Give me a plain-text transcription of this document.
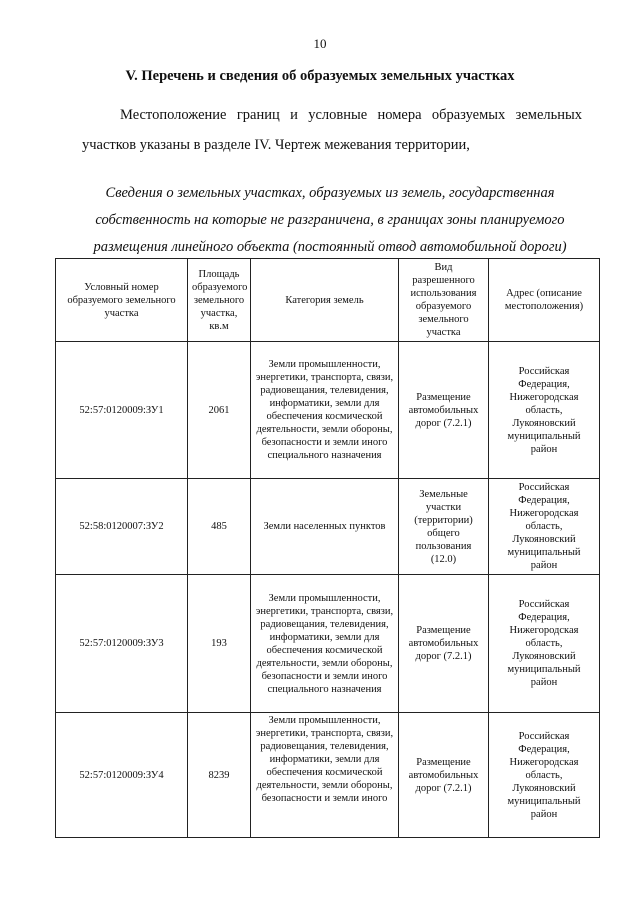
10
V. Перечень и сведения об образуемых земельных участках

Местоположение границ и условные номера образуемых земельных участков указаны в разделе IV. Чертеж межевания территории,

Сведения о земельных участках, образуемых из земель, государственная собственность на которые не разграничена, в границах зоны планируемого размещения линейного объекта (постоянный отвод автомобильной дороги)

Условный номер образуемого земельного участка	Площадь образуемого земельного участка, кв.м	Категория земель	Вид разрешенного использования образуемого земельного участка	Адрес (описание местоположения)
52:57:0120009:ЗУ1	2061	Земли промышленности, энергетики, транспорта, связи, радиовещания, телевидения, информатики, земли для обеспечения космической деятельности, земли обороны, безопасности и земли иного специального назначения	Размещение автомобильных дорог (7.2.1)	Российская Федерация, Нижегородская область, Лукояновский муниципальный район
52:58:0120007:ЗУ2	485	Земли населенных пунктов	Земельные участки (территории) общего пользования (12.0)	Российская Федерация, Нижегородская область, Лукояновский муниципальный район
52:57:0120009:ЗУ3	193	Земли промышленности, энергетики, транспорта, связи, радиовещания, телевидения, информатики, земли для обеспечения космической деятельности, земли обороны, безопасности и земли иного специального назначения	Размещение автомобильных дорог (7.2.1)	Российская Федерация, Нижегородская область, Лукояновский муниципальный район
52:57:0120009:ЗУ4	8239	Земли промышленности, энергетики, транспорта, связи, радиовещания, телевидения, информатики, земли для обеспечения космической деятельности, земли обороны, безопасности и земли иного	Размещение автомобильных дорог (7.2.1)	Российская Федерация, Нижегородская область, Лукояновский муниципальный район
